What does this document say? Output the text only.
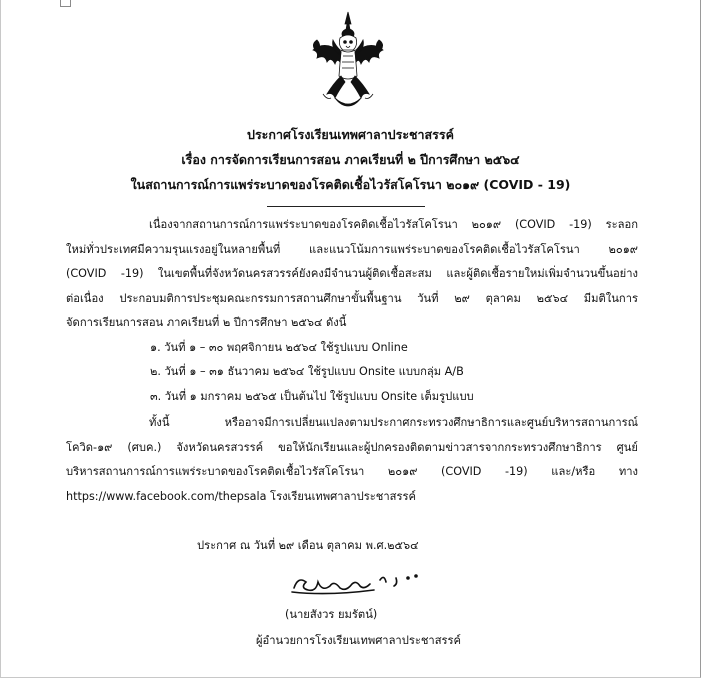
ประกาศโรงเรียนเทพศาลาประชาสรรค์
เรื่อง การจัดการเรียนการสอน ภาคเรียนที่ ๒ ปีการศึกษา ๒๕๖๔
ในสถานการณ์การแพร่ระบาดของโรคติดเชื้อไวรัสโคโรนา ๒๐๑๙ (COVID - 19)
เนื่องจากสถานการณ์การแพร่ระบาดของโรคติดเชื้อไวรัสโคโรนา ๒๐๑๙ (COVID -19) ระลอก
ใหม่ทั่วประเทศมีความรุนแรงอยู่ในหลายพื้นที่ และแนวโน้มการแพร่ระบาดของโรคติดเชื้อไวรัสโคโรนา ๒๐๑๙
(COVID -19) ในเขตพื้นที่จังหวัดนครสวรรค์ยังคงมีจำนวนผู้ติดเชื้อสะสม และผู้ติดเชื้อรายใหม่เพิ่มจำนวนขึ้นอย่าง
ต่อเนื่อง ประกอบมติการประชุมคณะกรรมการสถานศึกษาขั้นพื้นฐาน วันที่ ๒๙ ตุลาคม ๒๕๖๔ มีมติในการ
จัดการเรียนการสอน ภาคเรียนที่ ๒ ปีการศึกษา ๒๕๖๔ ดังนี้
๑. วันที่ ๑ – ๓๐ พฤศจิกายน ๒๕๖๔ ใช้รูปแบบ Online
๒. วันที่ ๑ – ๓๑ ธันวาคม ๒๕๖๔ ใช้รูปแบบ Onsite แบบกลุ่ม A/B
๓. วันที่ ๑ มกราคม ๒๕๖๕ เป็นต้นไป ใช้รูปแบบ Onsite เต็มรูปแบบ
ทั้งนี้ หรืออาจมีการเปลี่ยนแปลงตามประกาศกระทรวงศึกษาธิการและศูนย์บริหารสถานการณ์
โควิด-๑๙ (ศบค.) จังหวัดนครสวรรค์ ขอให้นักเรียนและผู้ปกครองติดตามข่าวสารจากกระทรวงศึกษาธิการ ศูนย์
บริหารสถานการณ์การแพร่ระบาดของโรคติดเชื้อไวรัสโคโรนา ๒๐๑๙ (COVID -19) และ/หรือ ทาง
https://www.facebook.com/thepsala โรงเรียนเทพศาลาประชาสรรค์
ประกาศ ณ วันที่ ๒๙ เดือน ตุลาคม พ.ศ.๒๕๖๔
(นายสังวร ยมรัตน์)
ผู้อำนวยการโรงเรียนเทพศาลาประชาสรรค์
